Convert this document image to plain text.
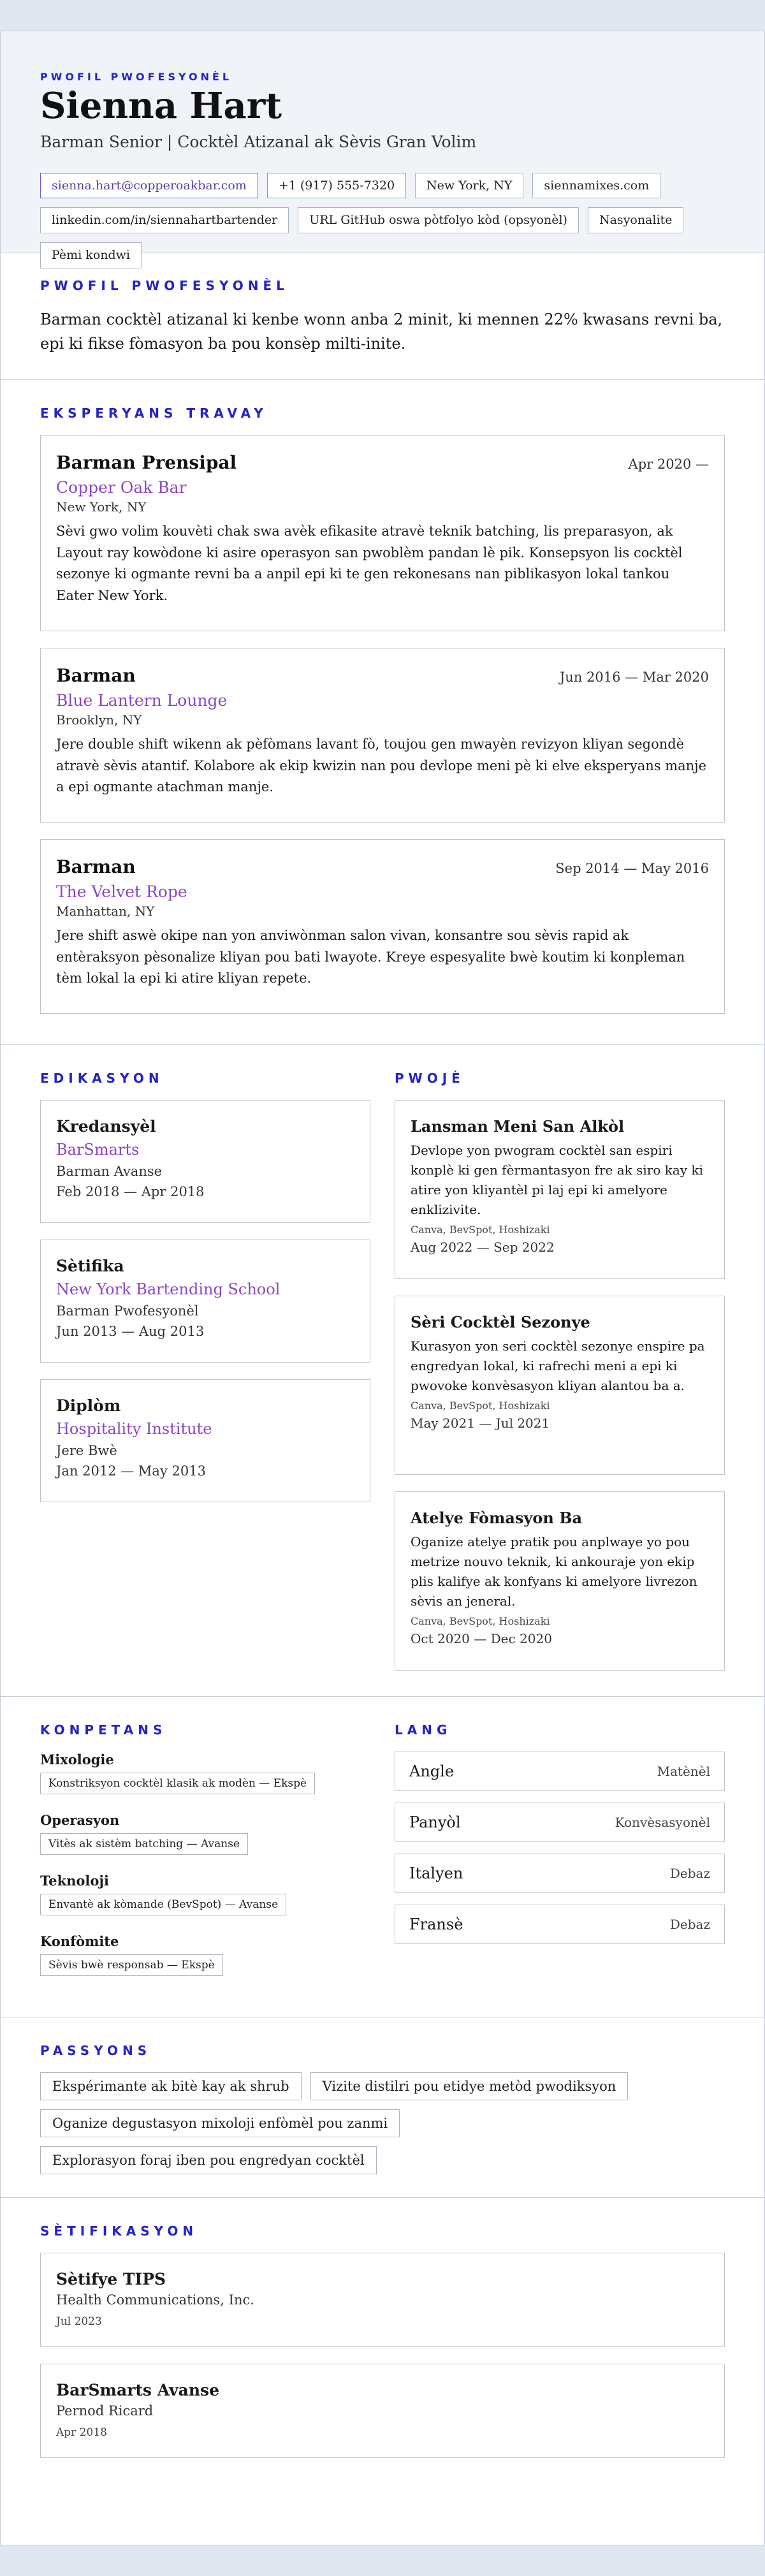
PWOFIL PWOFESYONÈL
Sienna Hart
Barman Senior | Cocktèl Atizanal ak Sèvis Gran Volim
sienna.hart@copperoakbar.com	+1 (917) 555-7320	New York, NY	siennamixes.com
linkedin.com/in/siennahartbartender	URL GitHub oswa pòtfolyo kòd (opsyonèl)	Nasyonalite
Pèmi kondwi
PWOFIL PWOFESYONÈL
Barman cocktèl atizanal ki kenbe wonn anba 2 minit, ki mennen 22% kwasans revni ba, epi ki fikse fòmasyon ba pou konsèp milti-inite.
EKSPERYANS TRAVAY
Barman Prensipal	Apr 2020 —
Copper Oak Bar
New York, NY
Sèvi gwo volim kouvèti chak swa avèk efikasite atravè teknik batching, lis preparasyon, ak Layout ray kowòdone ki asire operasyon san pwoblèm pandan lè pik. Konsepsyon lis cocktèl sezonye ki ogmante revni ba a anpil epi ki te gen rekonesans nan piblikasyon lokal tankou Eater New York.
Barman	Jun 2016 — Mar 2020
Blue Lantern Lounge
Brooklyn, NY
Jere double shift wikenn ak pèfòmans lavant fò, toujou gen mwayèn revizyon kliyan segondè atravè sèvis atantif. Kolabore ak ekip kwizin nan pou devlope meni pè ki elve eksperyans manje a epi ogmante atachman manje.
Barman	Sep 2014 — May 2016
The Velvet Rope
Manhattan, NY
Jere shift aswè okipe nan yon anviwònman salon vivan, konsantre sou sèvis rapid ak entèraksyon pèsonalize kliyan pou bati lwayote. Kreye espesyalite bwè koutim ki konpleman tèm lokal la epi ki atire kliyan repete.
EDIKASYON
Kredansyèl
BarSmarts
Barman Avanse
Feb 2018 — Apr 2018
Sètifika
New York Bartending School
Barman Pwofesyonèl
Jun 2013 — Aug 2013
Diplòm
Hospitality Institute
Jere Bwè
Jan 2012 — May 2013
PWOJÈ
Lansman Meni San Alkòl
Devlope yon pwogram cocktèl san espiri konplè ki gen fèrmantasyon fre ak siro kay ki atire yon kliyantèl pi laj epi ki amelyore enklizivite.
Canva, BevSpot, Hoshizaki
Aug 2022 — Sep 2022
Sèri Cocktèl Sezonye
Kurasyon yon seri cocktèl sezonye enspire pa engredyan lokal, ki rafrechi meni a epi ki pwovoke konvèsasyon kliyan alantou ba a.
Canva, BevSpot, Hoshizaki
May 2021 — Jul 2021
Atelye Fòmasyon Ba
Oganize atelye pratik pou anplwaye yo pou metrize nouvo teknik, ki ankouraje yon ekip plis kalifye ak konfyans ki amelyore livrezon sèvis an jeneral.
Canva, BevSpot, Hoshizaki
Oct 2020 — Dec 2020
KONPETANS
Mixologie
Konstriksyon cocktèl klasik ak modèn — Ekspè
Operasyon
Vitès ak sistèm batching — Avanse
Teknoloji
Envantè ak kòmande (BevSpot) — Avanse
Konfòmite
Sèvis bwè responsab — Ekspè
LANG
Angle	Matènèl
Panyòl	Konvèsasyonèl
Italyen	Debaz
Fransè	Debaz
PASSYONS
Ekspérimante ak bitè kay ak shrub	Vizite distilri pou etidye metòd pwodiksyon
Oganize degustasyon mixoloji enfòmèl pou zanmi
Explorasyon foraj iben pou engredyan cocktèl
SÈTIFIKASYON
Sètifye TIPS
Health Communications, Inc.
Jul 2023
BarSmarts Avanse
Pernod Ricard
Apr 2018
